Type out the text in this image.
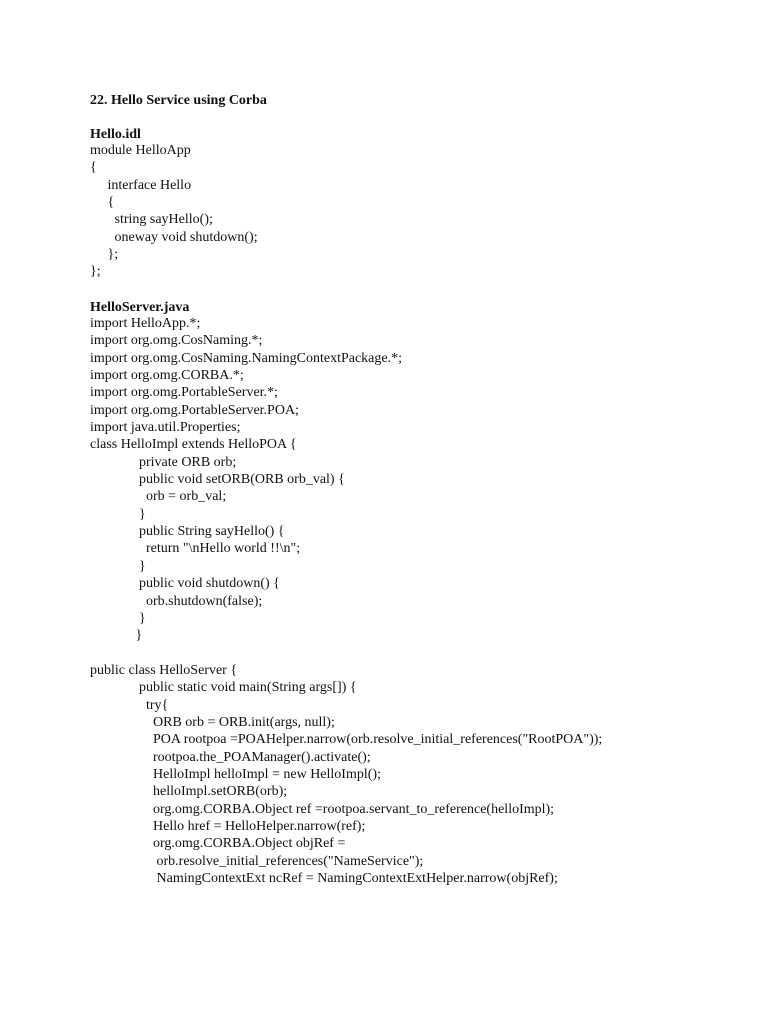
22. Hello Service using Corba
Hello.idl
module HelloApp
{
interface Hello
{
string sayHello();
oneway void shutdown();
};
};
HelloServer.java
import HelloApp.*;
import org.omg.CosNaming.*;
import org.omg.CosNaming.NamingContextPackage.*;
import org.omg.CORBA.*;
import org.omg.PortableServer.*;
import org.omg.PortableServer.POA;
import java.util.Properties;
class HelloImpl extends HelloPOA {
private ORB orb;
public void setORB(ORB orb_val) {
orb = orb_val;
}
public String sayHello() {
return "\nHello world !!\n";
}
public void shutdown() {
orb.shutdown(false);
}
}
public class HelloServer {
public static void main(String args[]) {
try{
ORB orb = ORB.init(args, null);
POA rootpoa =POAHelper.narrow(orb.resolve_initial_references("RootPOA"));
rootpoa.the_POAManager().activate();
HelloImpl helloImpl = new HelloImpl();
helloImpl.setORB(orb);
org.omg.CORBA.Object ref =rootpoa.servant_to_reference(helloImpl);
Hello href = HelloHelper.narrow(ref);
org.omg.CORBA.Object objRef =
orb.resolve_initial_references("NameService");
NamingContextExt ncRef = NamingContextExtHelper.narrow(objRef);
